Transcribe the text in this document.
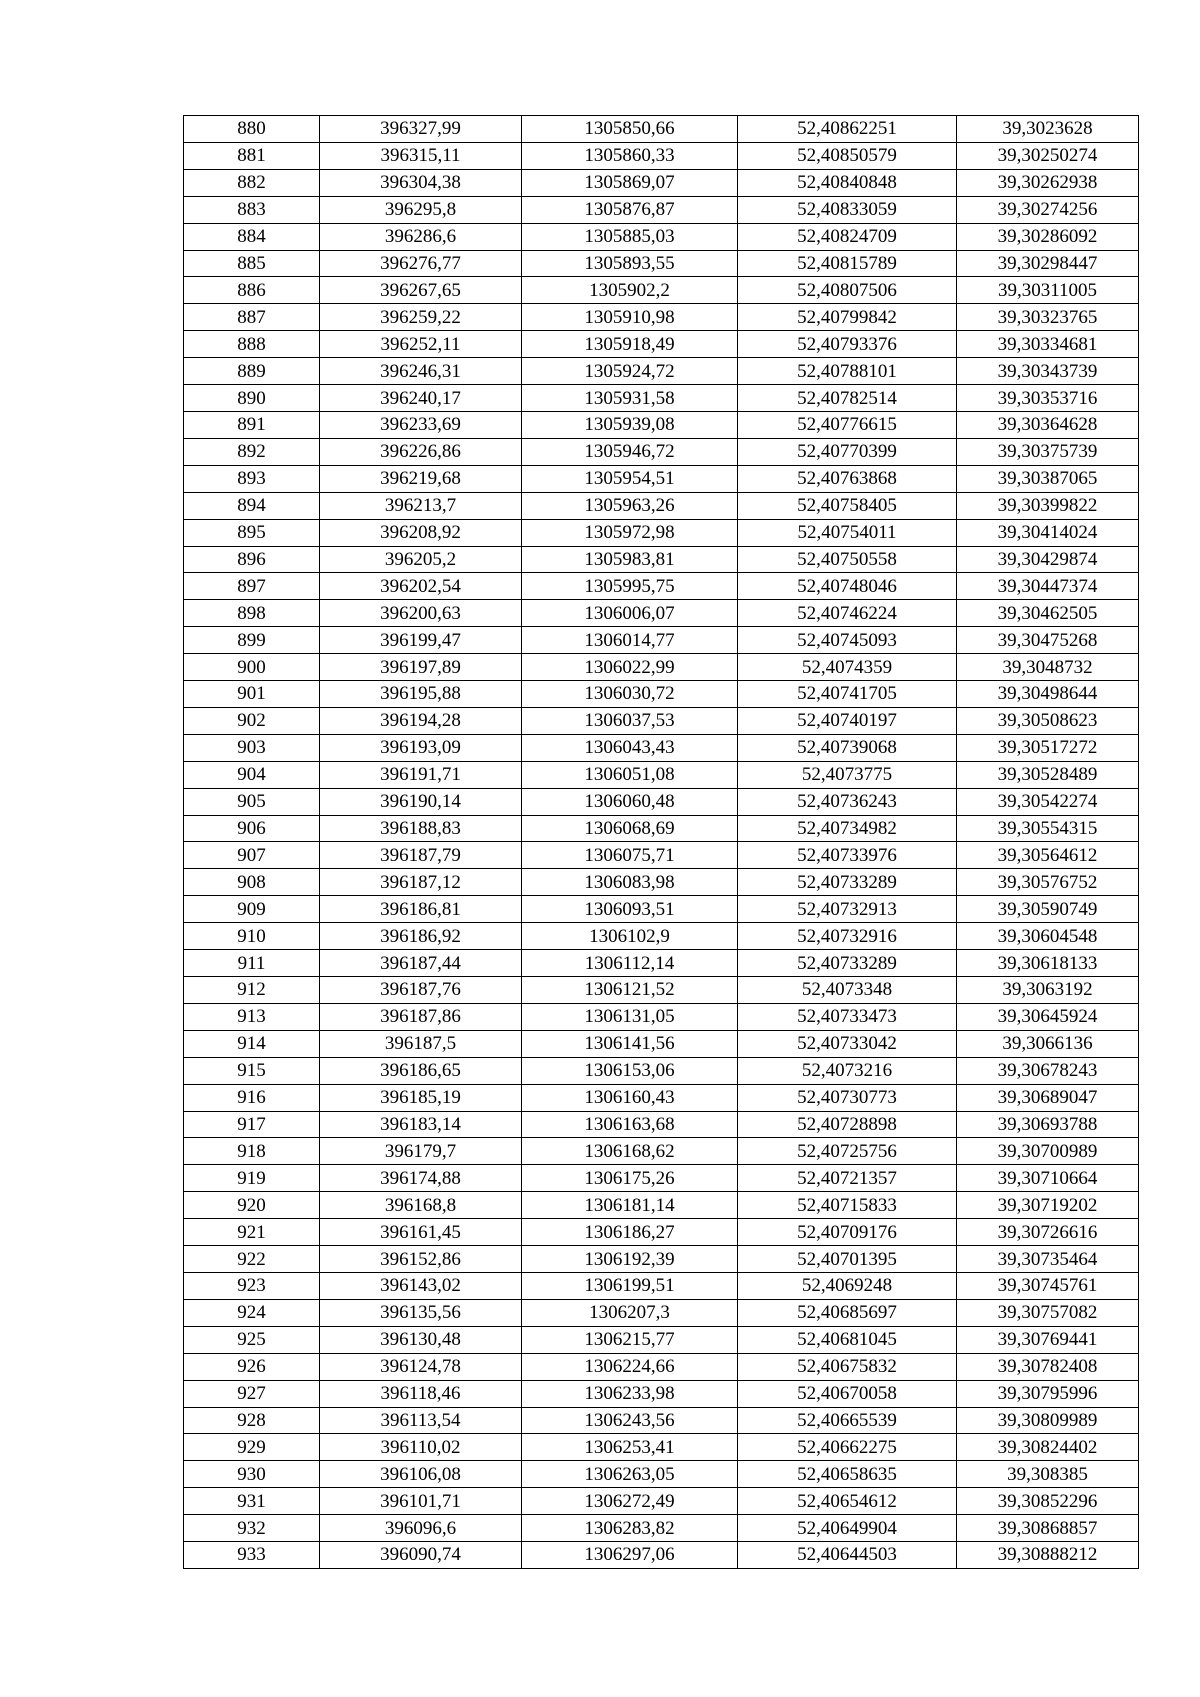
880	396327,99	1305850,66	52,40862251	39,3023628
881	396315,11	1305860,33	52,40850579	39,30250274
882	396304,38	1305869,07	52,40840848	39,30262938
883	396295,8	1305876,87	52,40833059	39,30274256
884	396286,6	1305885,03	52,40824709	39,30286092
885	396276,77	1305893,55	52,40815789	39,30298447
886	396267,65	1305902,2	52,40807506	39,30311005
887	396259,22	1305910,98	52,40799842	39,30323765
888	396252,11	1305918,49	52,40793376	39,30334681
889	396246,31	1305924,72	52,40788101	39,30343739
890	396240,17	1305931,58	52,40782514	39,30353716
891	396233,69	1305939,08	52,40776615	39,30364628
892	396226,86	1305946,72	52,40770399	39,30375739
893	396219,68	1305954,51	52,40763868	39,30387065
894	396213,7	1305963,26	52,40758405	39,30399822
895	396208,92	1305972,98	52,40754011	39,30414024
896	396205,2	1305983,81	52,40750558	39,30429874
897	396202,54	1305995,75	52,40748046	39,30447374
898	396200,63	1306006,07	52,40746224	39,30462505
899	396199,47	1306014,77	52,40745093	39,30475268
900	396197,89	1306022,99	52,4074359	39,3048732
901	396195,88	1306030,72	52,40741705	39,30498644
902	396194,28	1306037,53	52,40740197	39,30508623
903	396193,09	1306043,43	52,40739068	39,30517272
904	396191,71	1306051,08	52,4073775	39,30528489
905	396190,14	1306060,48	52,40736243	39,30542274
906	396188,83	1306068,69	52,40734982	39,30554315
907	396187,79	1306075,71	52,40733976	39,30564612
908	396187,12	1306083,98	52,40733289	39,30576752
909	396186,81	1306093,51	52,40732913	39,30590749
910	396186,92	1306102,9	52,40732916	39,30604548
911	396187,44	1306112,14	52,40733289	39,30618133
912	396187,76	1306121,52	52,4073348	39,3063192
913	396187,86	1306131,05	52,40733473	39,30645924
914	396187,5	1306141,56	52,40733042	39,3066136
915	396186,65	1306153,06	52,4073216	39,30678243
916	396185,19	1306160,43	52,40730773	39,30689047
917	396183,14	1306163,68	52,40728898	39,30693788
918	396179,7	1306168,62	52,40725756	39,30700989
919	396174,88	1306175,26	52,40721357	39,30710664
920	396168,8	1306181,14	52,40715833	39,30719202
921	396161,45	1306186,27	52,40709176	39,30726616
922	396152,86	1306192,39	52,40701395	39,30735464
923	396143,02	1306199,51	52,4069248	39,30745761
924	396135,56	1306207,3	52,40685697	39,30757082
925	396130,48	1306215,77	52,40681045	39,30769441
926	396124,78	1306224,66	52,40675832	39,30782408
927	396118,46	1306233,98	52,40670058	39,30795996
928	396113,54	1306243,56	52,40665539	39,30809989
929	396110,02	1306253,41	52,40662275	39,30824402
930	396106,08	1306263,05	52,40658635	39,308385
931	396101,71	1306272,49	52,40654612	39,30852296
932	396096,6	1306283,82	52,40649904	39,30868857
933	396090,74	1306297,06	52,40644503	39,30888212
